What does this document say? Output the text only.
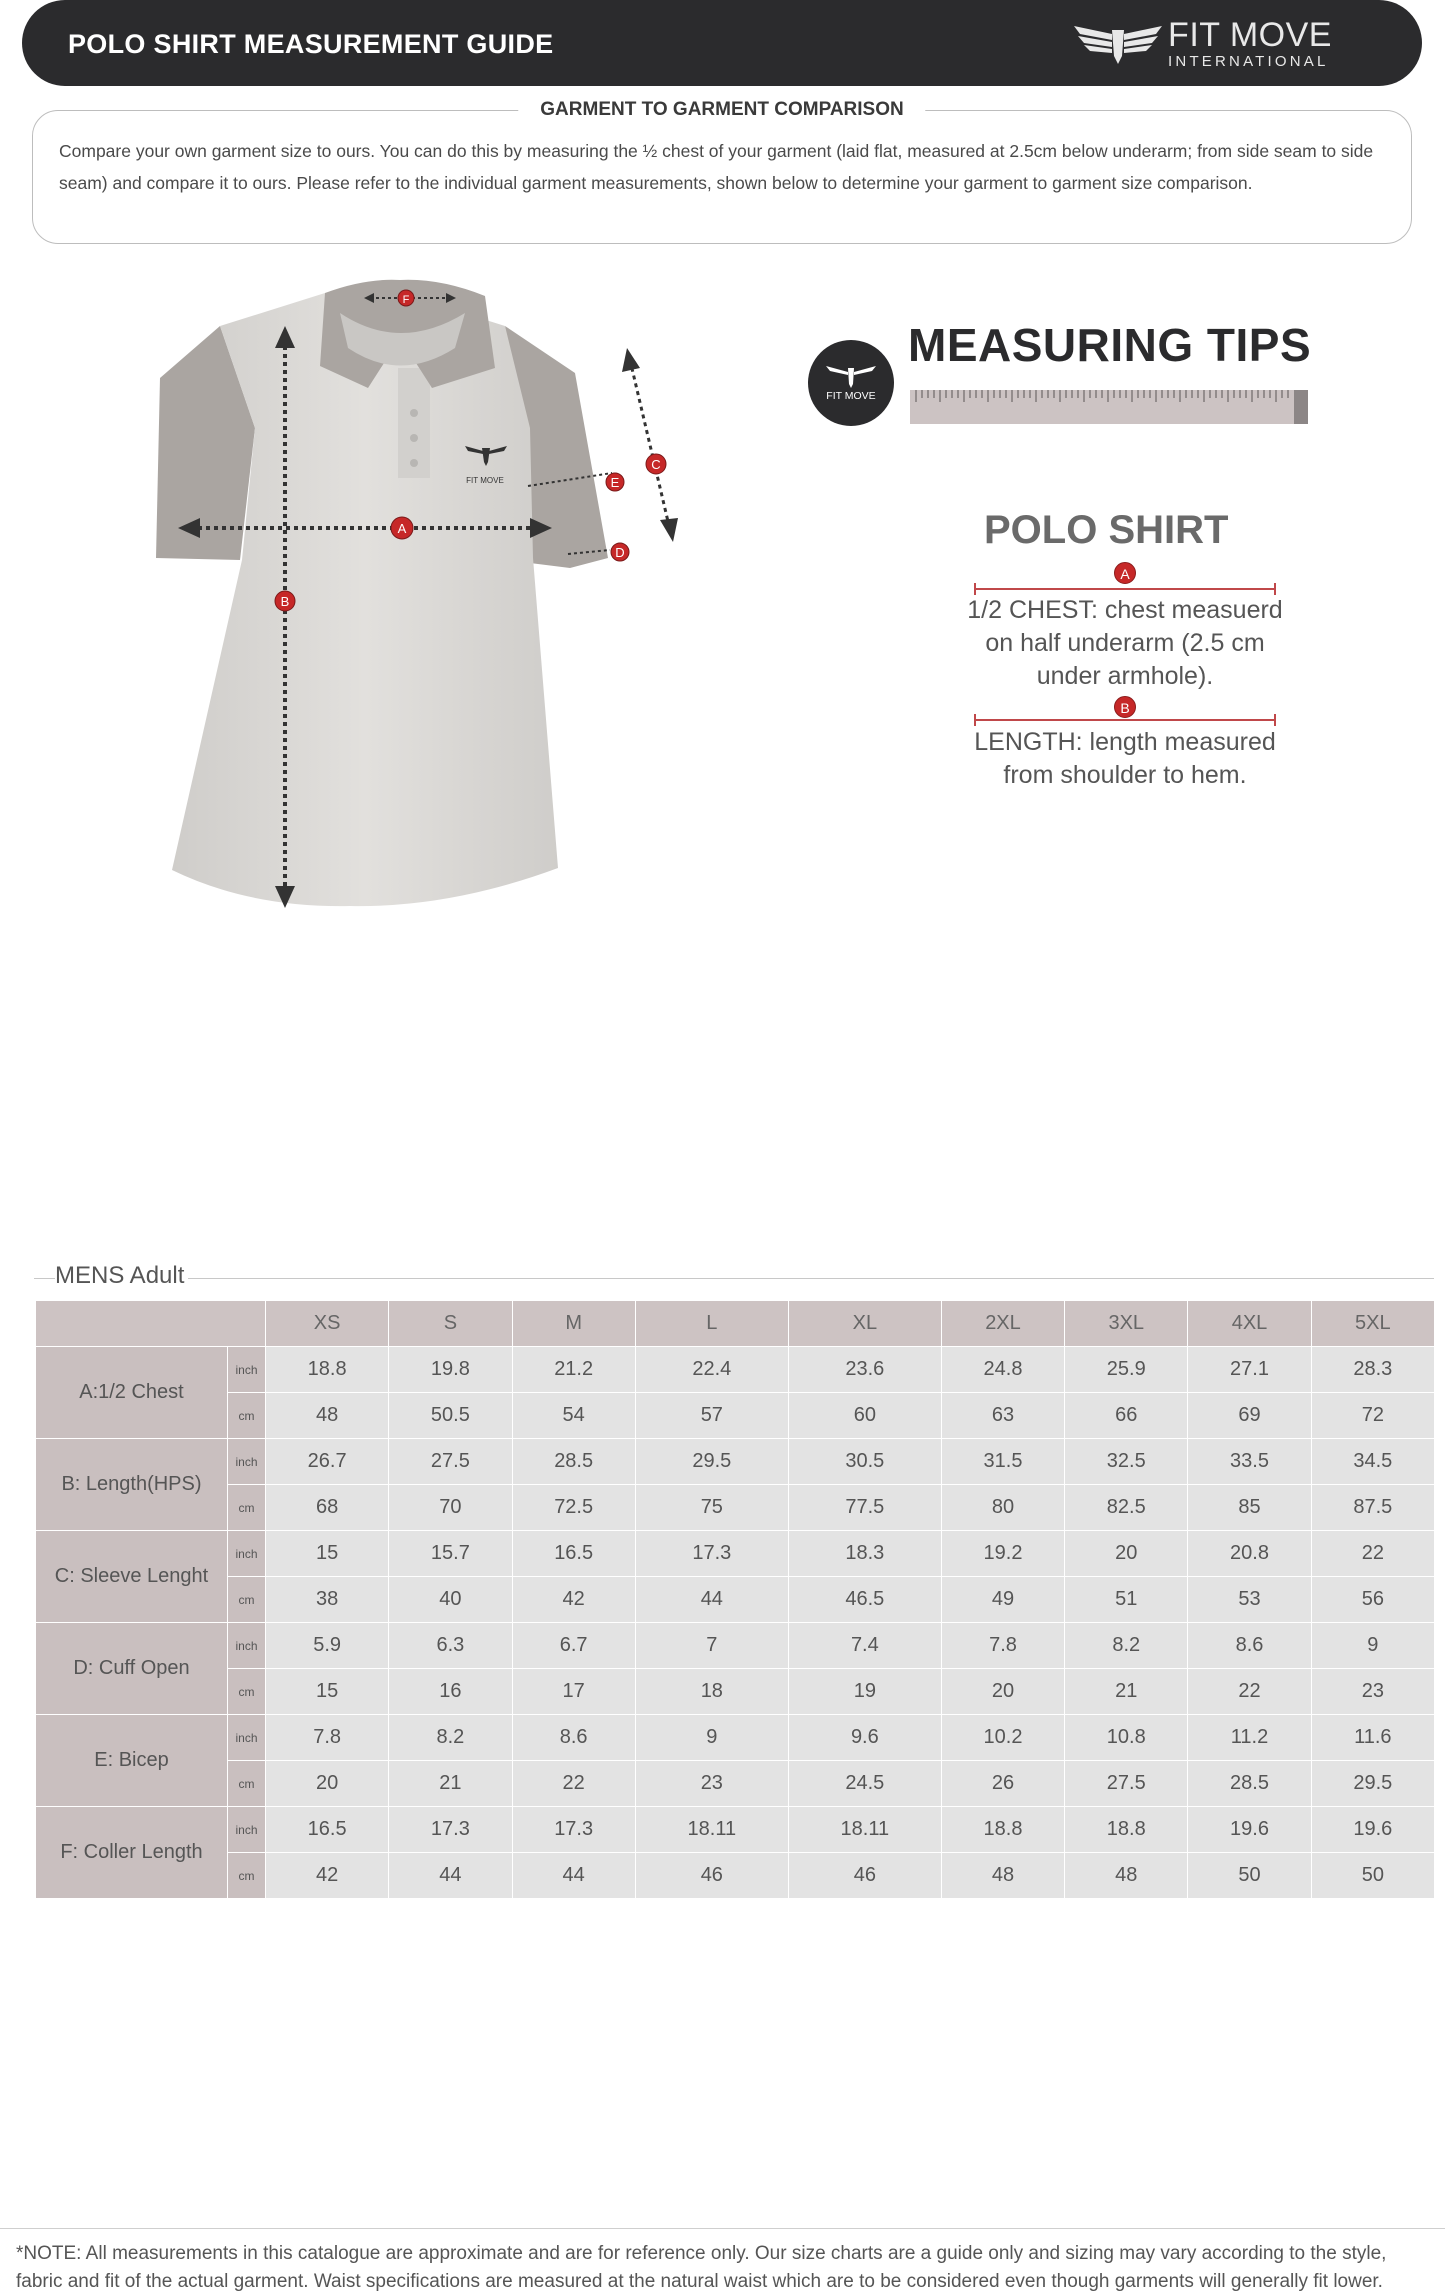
POLO SHIRT MEASUREMENT GUIDE	FIT MOVE
INTERNATIONAL
GARMENT TO GARMENT COMPARISON
Compare your own garment size to ours. You can do this by measuring the ½ chest of your garment (laid flat, measured at 2.5cm below underarm; from side seam to side seam) and compare it to ours. Please refer to the individual garment measurements, shown below to determine your garment to garment size comparison.
FIT MOVE
A
B
C
D
E
F
FIT MOVE
MEASURING TIPS
POLO SHIRT
A
1/2 CHEST: chest measuerd on half underarm (2.5 cm under armhole).
B
LENGTH: length measured from shoulder to hem.
MENS Adult
		XS	S	M	L	XL	2XL	3XL	4XL	5XL
A:1/2 Chest	inch	18.8	19.8	21.2	22.4	23.6	24.8	25.9	27.1	28.3
	cm	48	50.5	54	57	60	63	66	69	72
B: Length(HPS)	inch	26.7	27.5	28.5	29.5	30.5	31.5	32.5	33.5	34.5
	cm	68	70	72.5	75	77.5	80	82.5	85	87.5
C: Sleeve Lenght	inch	15	15.7	16.5	17.3	18.3	19.2	20	20.8	22
	cm	38	40	42	44	46.5	49	51	53	56
D: Cuff Open	inch	5.9	6.3	6.7	7	7.4	7.8	8.2	8.6	9
	cm	15	16	17	18	19	20	21	22	23
E: Bicep	inch	7.8	8.2	8.6	9	9.6	10.2	10.8	11.2	11.6
	cm	20	21	22	23	24.5	26	27.5	28.5	29.5
F: Coller Length	inch	16.5	17.3	17.3	18.11	18.11	18.8	18.8	19.6	19.6
	cm	42	44	44	46	46	48	48	50	50
*NOTE: All measurements in this catalogue are approximate and are for reference only. Our size charts are a guide only and sizing may vary according to the style, fabric and fit of the actual garment. Waist specifications are measured at the natural waist which are to be considered even though garments will generally fit lower.
